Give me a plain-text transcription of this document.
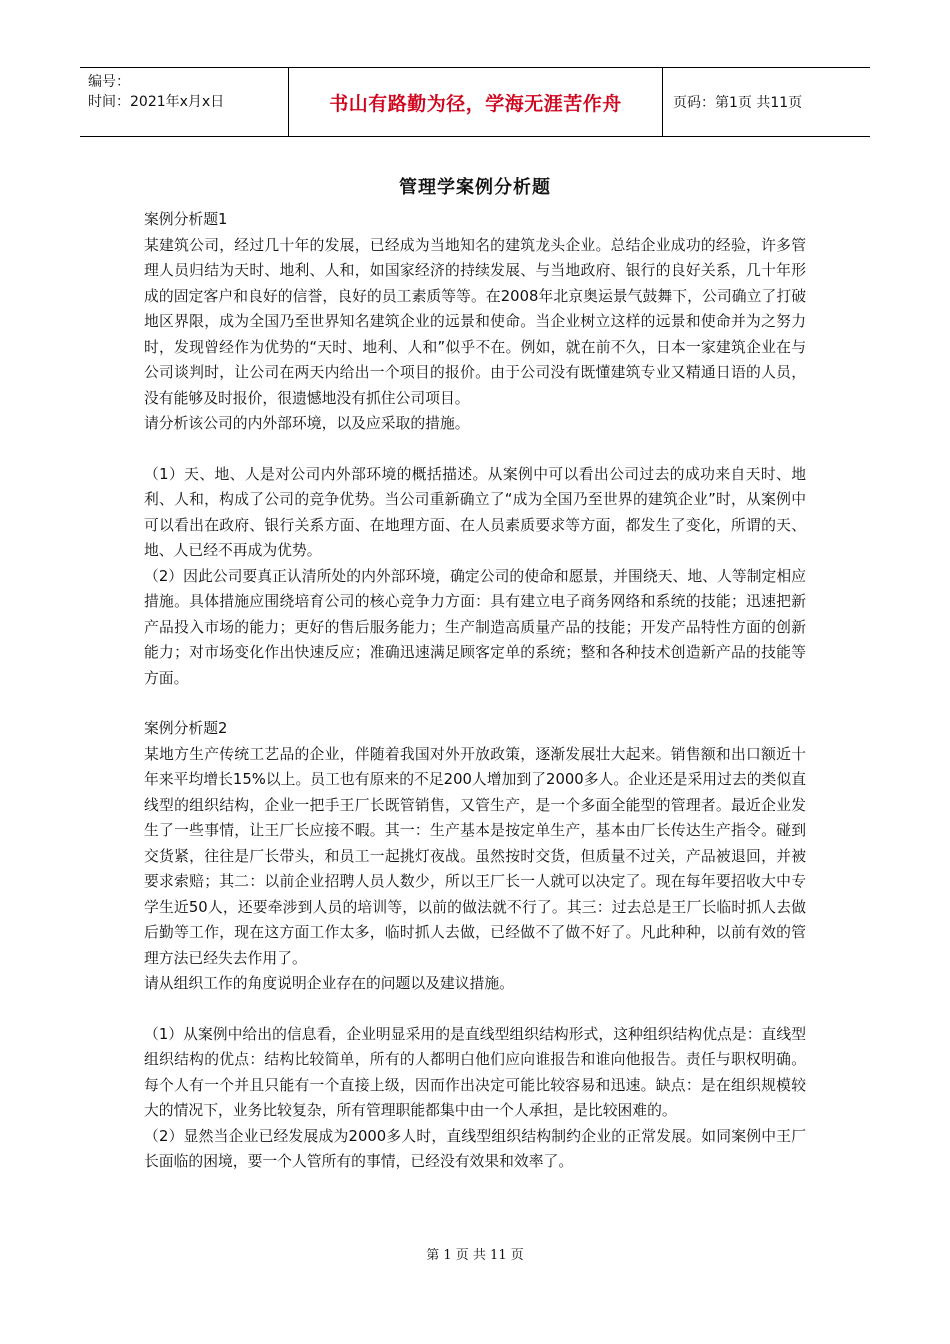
编号：
时间：2021年x月x日	书山有路勤为径，学海无涯苦作舟	页码：第1页 共11页
管理学案例分析题

案例分析题1

某建筑公司，经过几十年的发展，已经成为当地知名的建筑龙头企业。总结企业成功的经验，许多管理人员归结为天时、地利、人和，如国家经济的持续发展、与当地政府、银行的良好关系，几十年形成的固定客户和良好的信誉，良好的员工素质等等。在2008年北京奥运景气鼓舞下，公司确立了打破地区界限，成为全国乃至世界知名建筑企业的远景和使命。当企业树立这样的远景和使命并为之努力时，发现曾经作为优势的“天时、地利、人和”似乎不在。例如，就在前不久，日本一家建筑企业在与公司谈判时，让公司在两天内给出一个项目的报价。由于公司没有既懂建筑专业又精通日语的人员，没有能够及时报价，很遗憾地没有抓住公司项目。

请分析该公司的内外部环境，以及应采取的措施。

（1）天、地、人是对公司内外部环境的概括描述。从案例中可以看出公司过去的成功来自天时、地利、人和，构成了公司的竞争优势。当公司重新确立了“成为全国乃至世界的建筑企业”时，从案例中可以看出在政府、银行关系方面、在地理方面、在人员素质要求等方面，都发生了变化，所谓的天、地、人已经不再成为优势。

（2）因此公司要真正认清所处的内外部环境，确定公司的使命和愿景，并围绕天、地、人等制定相应措施。具体措施应围绕培育公司的核心竞争力方面：具有建立电子商务网络和系统的技能；迅速把新产品投入市场的能力；更好的售后服务能力；生产制造高质量产品的技能；开发产品特性方面的创新能力；对市场变化作出快速反应；准确迅速满足顾客定单的系统；整和各种技术创造新产品的技能等方面。

案例分析题2

某地方生产传统工艺品的企业，伴随着我国对外开放政策，逐渐发展壮大起来。销售额和出口额近十年来平均增长15%以上。员工也有原来的不足200人增加到了2000多人。企业还是采用过去的类似直线型的组织结构，企业一把手王厂长既管销售，又管生产，是一个多面全能型的管理者。最近企业发生了一些事情，让王厂长应接不暇。其一：生产基本是按定单生产，基本由厂长传达生产指令。碰到交货紧，往往是厂长带头，和员工一起挑灯夜战。虽然按时交货，但质量不过关，产品被退回，并被要求索赔；其二：以前企业招聘人员人数少，所以王厂长一人就可以决定了。现在每年要招收大中专学生近50人，还要牵涉到人员的培训等，以前的做法就不行了。其三：过去总是王厂长临时抓人去做后勤等工作，现在这方面工作太多，临时抓人去做，已经做不了做不好了。凡此种种，以前有效的管理方法已经失去作用了。

请从组织工作的角度说明企业存在的问题以及建议措施。

（1）从案例中给出的信息看，企业明显采用的是直线型组织结构形式，这种组织结构优点是：直线型组织结构的优点：结构比较简单，所有的人都明白他们应向谁报告和谁向他报告。责任与职权明确。每个人有一个并且只能有一个直接上级，因而作出决定可能比较容易和迅速。缺点：是在组织规模较大的情况下，业务比较复杂，所有管理职能都集中由一个人承担，是比较困难的。

（2）显然当企业已经发展成为2000多人时，直线型组织结构制约企业的正常发展。如同案例中王厂长面临的困境，要一个人管所有的事情，已经没有效果和效率了。

第 1 页 共 11 页
